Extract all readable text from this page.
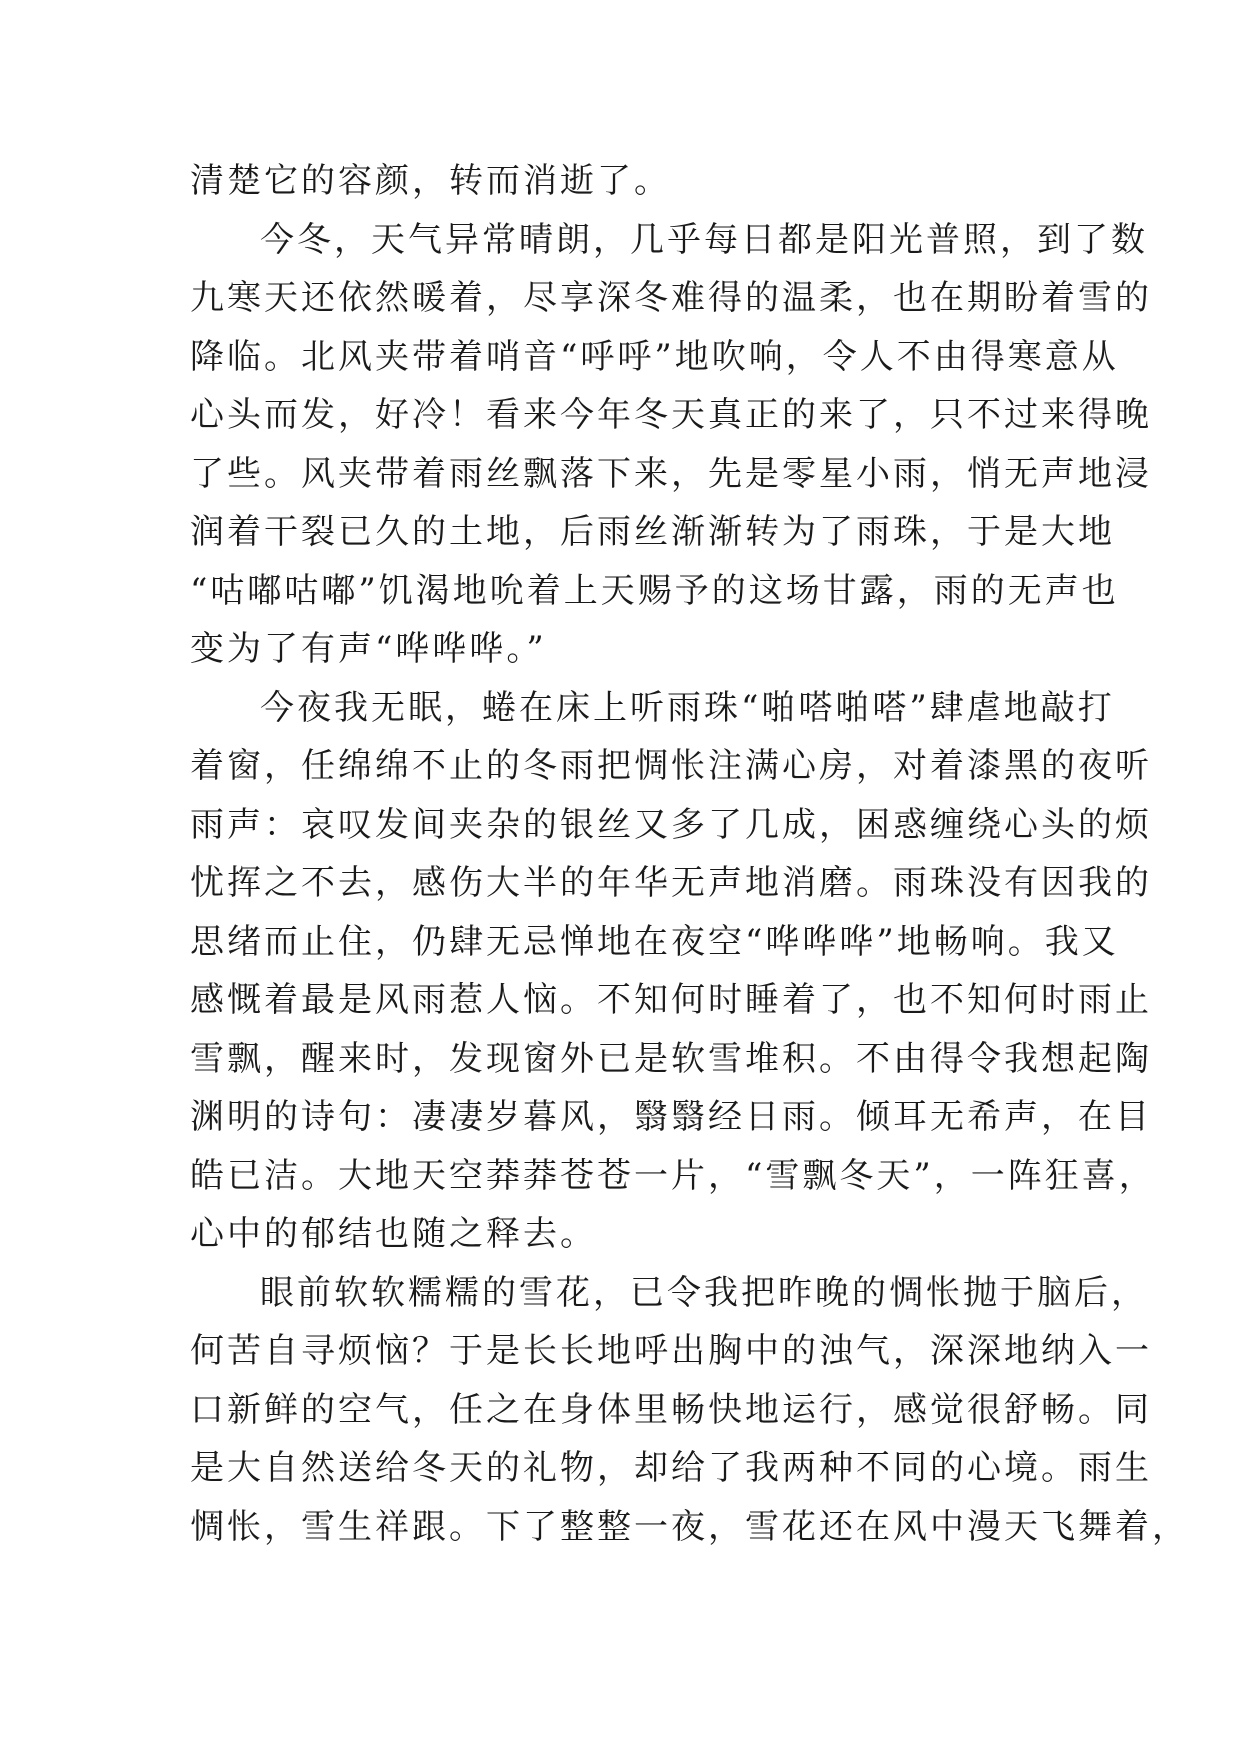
清楚它的容颜，转而消逝了。
今冬，天气异常晴朗，几乎每日都是阳光普照，到了数
九寒天还依然暖着，尽享深冬难得的温柔，也在期盼着雪的
降临。北风夹带着哨音“呼呼”地吹响，令人不由得寒意从
心头而发，好冷！看来今年冬天真正的来了，只不过来得晚
了些。风夹带着雨丝飘落下来，先是零星小雨，悄无声地浸
润着干裂已久的土地，后雨丝渐渐转为了雨珠，于是大地
“咕嘟咕嘟”饥渴地吮着上天赐予的这场甘露，雨的无声也
变为了有声“哗哗哗。”
今夜我无眠，蜷在床上听雨珠“啪嗒啪嗒”肆虐地敲打
着窗，任绵绵不止的冬雨把惆怅注满心房，对着漆黑的夜听
雨声：哀叹发间夹杂的银丝又多了几成，困惑缠绕心头的烦
忧挥之不去，感伤大半的年华无声地消磨。雨珠没有因我的
思绪而止住，仍肆无忌惮地在夜空“哗哗哗”地畅响。我又
感慨着最是风雨惹人恼。不知何时睡着了，也不知何时雨止
雪飘，醒来时，发现窗外已是软雪堆积。不由得令我想起陶
渊明的诗句：凄凄岁暮风，翳翳经日雨。倾耳无希声，在目
皓已洁。大地天空莽莽苍苍一片，“雪飘冬天”，一阵狂喜，
心中的郁结也随之释去。
眼前软软糯糯的雪花，已令我把昨晚的惆怅抛于脑后，
何苦自寻烦恼？于是长长地呼出胸中的浊气，深深地纳入一
口新鲜的空气，任之在身体里畅快地运行，感觉很舒畅。同
是大自然送给冬天的礼物，却给了我两种不同的心境。雨生
惆怅，雪生祥跟。下了整整一夜，雪花还在风中漫天飞舞着，
